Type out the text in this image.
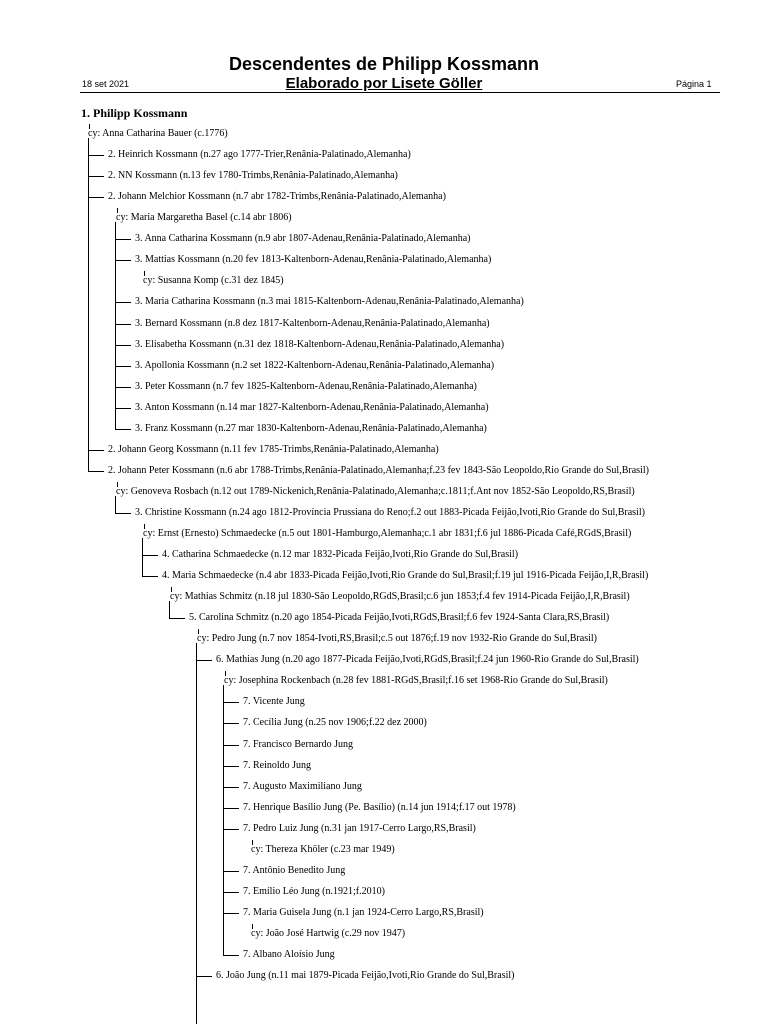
Descendentes de Philipp Kossmann
Elaborado por Lisete Göller
18 set 2021	Página 1
1. Philipp Kossmann
cy: Anna Catharina Bauer (c.1776)
2. Heinrich Kossmann (n.27 ago 1777-Trier,Renânia-Palatinado,Alemanha)
2. NN Kossmann (n.13 fev 1780-Trimbs,Renânia-Palatinado,Alemanha)
2. Johann Melchior Kossmann (n.7 abr 1782-Trimbs,Renânia-Palatinado,Alemanha)
cy: Maria Margaretha Basel (c.14 abr 1806)
3. Anna Catharina Kossmann (n.9 abr 1807-Adenau,Renânia-Palatinado,Alemanha)
3. Mattias Kossmann (n.20 fev 1813-Kaltenborn-Adenau,Renânia-Palatinado,Alemanha)
cy: Susanna Komp (c.31 dez 1845)
3. Maria Catharina Kossmann (n.3 mai 1815-Kaltenborn-Adenau,Renânia-Palatinado,Alemanha)
3. Bernard Kossmann (n.8 dez 1817-Kaltenborn-Adenau,Renânia-Palatinado,Alemanha)
3. Elisabetha Kossmann (n.31 dez 1818-Kaltenborn-Adenau,Renânia-Palatinado,Alemanha)
3. Apollonia Kossmann (n.2 set 1822-Kaltenborn-Adenau,Renânia-Palatinado,Alemanha)
3. Peter Kossmann (n.7 fev 1825-Kaltenborn-Adenau,Renânia-Palatinado,Alemanha)
3. Anton Kossmann (n.14 mar 1827-Kaltenborn-Adenau,Renânia-Palatinado,Alemanha)
3. Franz Kossmann (n.27 mar 1830-Kaltenborn-Adenau,Renânia-Palatinado,Alemanha)
2. Johann Georg Kossmann (n.11 fev 1785-Trimbs,Renânia-Palatinado,Alemanha)
2. Johann Peter Kossmann (n.6 abr 1788-Trimbs,Renânia-Palatinado,Alemanha;f.23 fev 1843-São Leopoldo,Rio Grande do Sul,Brasil)
cy: Genoveva Rosbach (n.12 out 1789-Nickenich,Renânia-Palatinado,Alemanha;c.1811;f.Ant nov 1852-São Leopoldo,RS,Brasil)
3. Christine Kossmann (n.24 ago 1812-Província Prussiana do Reno;f.2 out 1883-Picada Feijão,Ivoti,Rio Grande do Sul,Brasil)
cy: Ernst (Ernesto) Schmaedecke (n.5 out 1801-Hamburgo,Alemanha;c.1 abr 1831;f.6 jul 1886-Picada Café,RGdS,Brasil)
4. Catharina Schmaedecke (n.12 mar 1832-Picada Feijão,Ivoti,Rio Grande do Sul,Brasil)
4. Maria Schmaedecke (n.4 abr 1833-Picada Feijão,Ivoti,Rio Grande do Sul,Brasil;f.19 jul 1916-Picada Feijão,I,R,Brasil)
cy: Mathias Schmitz (n.18 jul 1830-São Leopoldo,RGdS,Brasil;c.6 jun 1853;f.4 fev 1914-Picada Feijão,I,R,Brasil)
5. Carolina Schmitz (n.20 ago 1854-Picada Feijão,Ivoti,RGdS,Brasil;f.6 fev 1924-Santa Clara,RS,Brasil)
cy: Pedro Jung (n.7 nov 1854-Ivoti,RS,Brasil;c.5 out 1876;f.19 nov 1932-Rio Grande do Sul,Brasil)
6. Mathias Jung (n.20 ago 1877-Picada Feijão,Ivoti,RGdS,Brasil;f.24 jun 1960-Rio Grande do Sul,Brasil)
cy: Josephina Rockenbach (n.28 fev 1881-RGdS,Brasil;f.16 set 1968-Rio Grande do Sul,Brasil)
7. Vicente Jung
7. Cecília Jung (n.25 nov 1906;f.22 dez 2000)
7. Francisco Bernardo Jung
7. Reinoldo Jung
7. Augusto Maximiliano Jung
7. Henrique Basílio Jung (Pe. Basílio) (n.14 jun 1914;f.17 out 1978)
7. Pedro Luiz Jung (n.31 jan 1917-Cerro Largo,RS,Brasil)
cy: Thereza Khöler (c.23 mar 1949)
7. Antônio Benedito Jung
7. Emílio Léo Jung (n.1921;f.2010)
7. Maria Guisela Jung (n.1 jan 1924-Cerro Largo,RS,Brasil)
cy: João José Hartwig (c.29 nov 1947)
7. Albano Aloísio Jung
6. João Jung (n.11 mai 1879-Picada Feijão,Ivoti,Rio Grande do Sul,Brasil)
